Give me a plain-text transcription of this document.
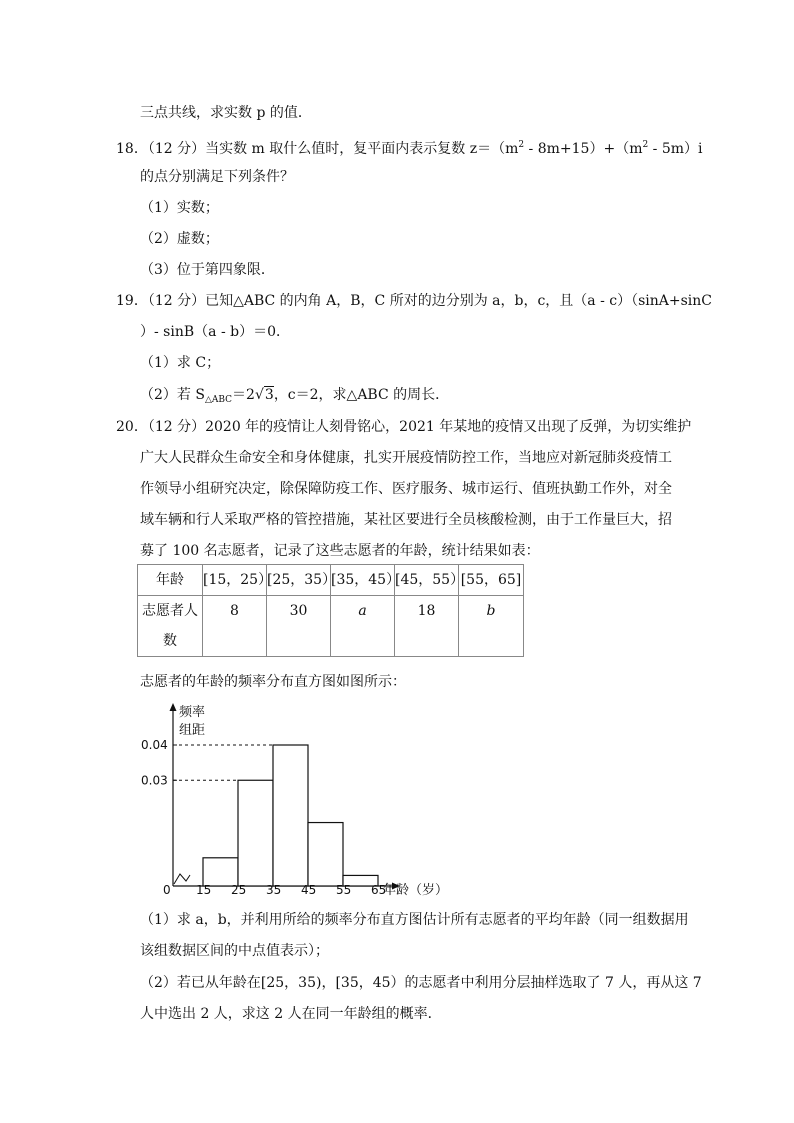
三点共线，求实数 p 的值．
18．（12 分）当实数 m 取什么值时，复平面内表示复数 $z=(m^2 - 8m+15)+(m^2 - 5m)i$
的点分别满足下列条件？
（1）实数；
（2）虚数；
（3）位于第四象限．
19．（12 分）已知△ABC 的内角 A，B，C 所对的边分别为 a，b，c，且（a - c）（sinA+sinC
）- sinB（a - b）＝0．
（1）求 C；
（2）若 $S_{\triangle ABC}=2√3$，c＝2，求△ABC 的周长．
20．（12 分）2020 年的疫情让人刻骨铭心，2021 年某地的疫情又出现了反弹，为切实维护
广大人民群众生命安全和身体健康，扎实开展疫情防控工作，当地应对新冠肺炎疫情工
作领导小组研究决定，除保障防疫工作、医疗服务、城市运行、值班执勤工作外，对全
域车辆和行人采取严格的管控措施，某社区要进行全员核酸检测，由于工作量巨大，招
募了 100 名志愿者，记录了这些志愿者的年龄，统计结果如表：
年龄	[15，25）	[25，35）	[35，45）	[45，55）	[55，65]

志愿者人
数	8	30	a	18	b
志愿者的年龄的频率分布直方图如图所示：
频率
组距
0	年龄（岁）
15 25 35 45 55 65
0.03
0.04
（1）求 a，b，并利用所给的频率分布直方图估计所有志愿者的平均年龄（同一组数据用
该组数据区间的中点值表示）；
（2）若已从年龄在[25，35)，[35，45）的志愿者中利用分层抽样选取了 7 人，再从这 7
人中选出 2 人，求这 2 人在同一年龄组的概率．
